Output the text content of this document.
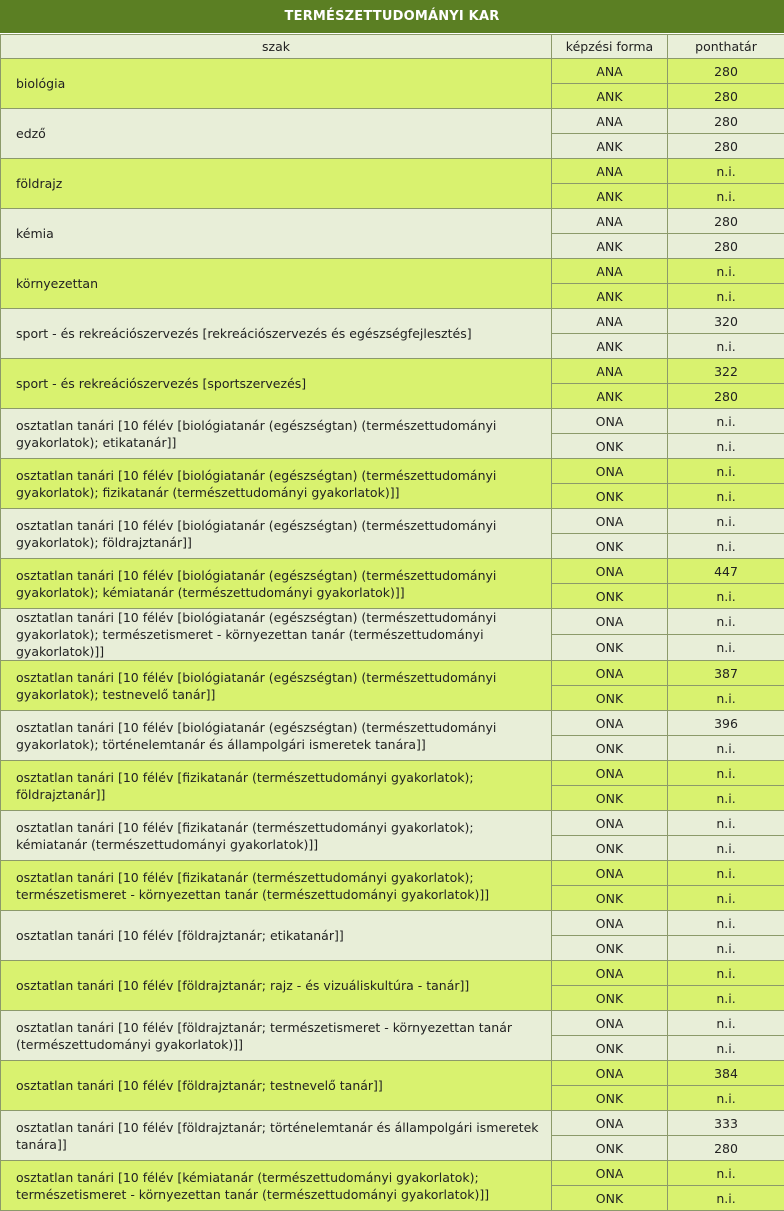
TERMÉSZETTUDOMÁNYI KAR
szak	képzési forma	ponthatár
biológia	ANA	280
	ANK	280
edző	ANA	280
	ANK	280
földrajz	ANA	n.i.
	ANK	n.i.
kémia	ANA	280
	ANK	280
környezettan	ANA	n.i.
	ANK	n.i.
sport - és rekreációszervezés [rekreációszervezés és egészségfejlesztés]	ANA	320
	ANK	n.i.
sport - és rekreációszervezés [sportszervezés]	ANA	322
	ANK	280
osztatlan tanári [10 félév [biológiatanár (egészségtan) (természettudományi gyakorlatok); etikatanár]]	ONA	n.i.
	ONK	n.i.
osztatlan tanári [10 félév [biológiatanár (egészségtan) (természettudományi gyakorlatok); fizikatanár (természettudományi gyakorlatok)]]	ONA	n.i.
	ONK	n.i.
osztatlan tanári [10 félév [biológiatanár (egészségtan) (természettudományi gyakorlatok); földrajztanár]]	ONA	n.i.
	ONK	n.i.
osztatlan tanári [10 félév [biológiatanár (egészségtan) (természettudományi gyakorlatok); kémiatanár (természettudományi gyakorlatok)]]	ONA	447
	ONK	n.i.
osztatlan tanári [10 félév [biológiatanár (egészségtan) (természettudományi gyakorlatok); természetismeret - környezettan tanár (természettudományi gyakorlatok)]]	ONA	n.i.
	ONK	n.i.
osztatlan tanári [10 félév [biológiatanár (egészségtan) (természettudományi gyakorlatok); testnevelő tanár]]	ONA	387
	ONK	n.i.
osztatlan tanári [10 félév [biológiatanár (egészségtan) (természettudományi gyakorlatok); történelemtanár és állampolgári ismeretek tanára]]	ONA	396
	ONK	n.i.
osztatlan tanári [10 félév [fizikatanár (természettudományi gyakorlatok); földrajztanár]]	ONA	n.i.
	ONK	n.i.
osztatlan tanári [10 félév [fizikatanár (természettudományi gyakorlatok); kémiatanár (természettudományi gyakorlatok)]]	ONA	n.i.
	ONK	n.i.
osztatlan tanári [10 félév [fizikatanár (természettudományi gyakorlatok); természetismeret - környezettan tanár (természettudományi gyakorlatok)]]	ONA	n.i.
	ONK	n.i.
osztatlan tanári [10 félév [földrajztanár; etikatanár]]	ONA	n.i.
	ONK	n.i.
osztatlan tanári [10 félév [földrajztanár; rajz - és vizuáliskultúra - tanár]]	ONA	n.i.
	ONK	n.i.
osztatlan tanári [10 félév [földrajztanár; természetismeret - környezettan tanár (természettudományi gyakorlatok)]]	ONA	n.i.
	ONK	n.i.
osztatlan tanári [10 félév [földrajztanár; testnevelő tanár]]	ONA	384
	ONK	n.i.
osztatlan tanári [10 félév [földrajztanár; történelemtanár és állampolgári ismeretek tanára]]	ONA	333
	ONK	280
osztatlan tanári [10 félév [kémiatanár (természettudományi gyakorlatok); természetismeret - környezettan tanár (természettudományi gyakorlatok)]]	ONA	n.i.
	ONK	n.i.
